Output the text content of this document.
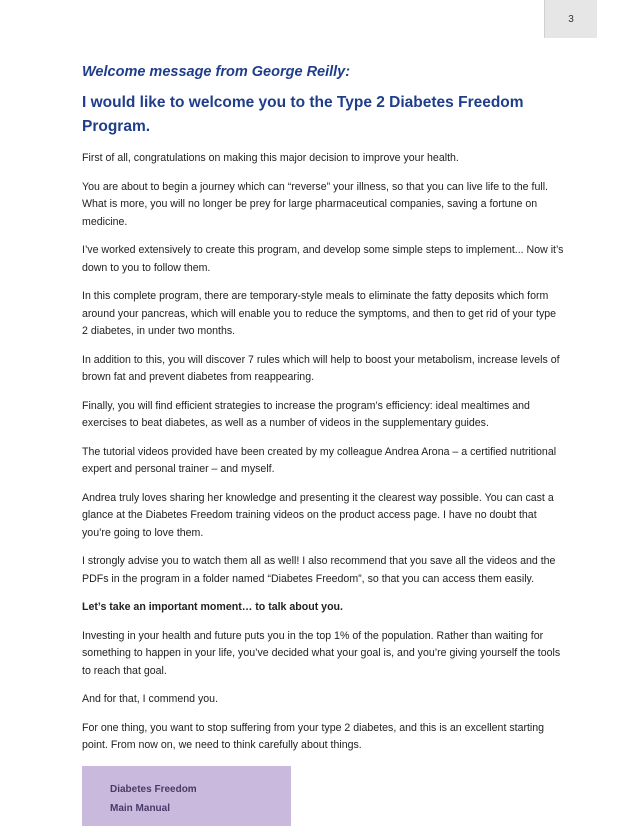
3
Welcome message from George Reilly:
I would like to welcome you to the Type 2 Diabetes Freedom Program.

First of all, congratulations on making this major decision to improve your health.

You are about to begin a journey which can “reverse” your illness, so that you can live life to the full. What is more, you will no longer be prey for large pharmaceutical companies, saving a fortune on medicine.

I’ve worked extensively to create this program, and develop some simple steps to implement... Now it’s down to you to follow them.

In this complete program, there are temporary-style meals to eliminate the fatty deposits which form around your pancreas, which will enable you to reduce the symptoms, and then to get rid of your type 2 diabetes, in under two months.

In addition to this, you will discover 7 rules which will help to boost your metabolism, increase levels of brown fat and prevent diabetes from reappearing.

Finally, you will find efficient strategies to increase the program’s efficiency: ideal mealtimes and exercises to beat diabetes, as well as a number of videos in the supplementary guides.

The tutorial videos provided have been created by my colleague Andrea Arona – a certified nutritional expert and personal trainer – and myself.

Andrea truly loves sharing her knowledge and presenting it the clearest way possible. You can cast a glance at the Diabetes Freedom training videos on the product access page. I have no doubt that you’re going to love them.

I strongly advise you to watch them all as well! I also recommend that you save all the videos and the PDFs in the program in a folder named “Diabetes Freedom”, so that you can access them easily.

Let’s take an important moment… to talk about you.

Investing in your health and future puts you in the top 1% of the population. Rather than waiting for something to happen in your life, you’ve decided what your goal is, and you’re giving yourself the tools to reach that goal.

And for that, I commend you.

For one thing, you want to stop suffering from your type 2 diabetes, and this is an excellent starting point. From now on, we need to think carefully about things.

Diabetes Freedom
Main Manual
